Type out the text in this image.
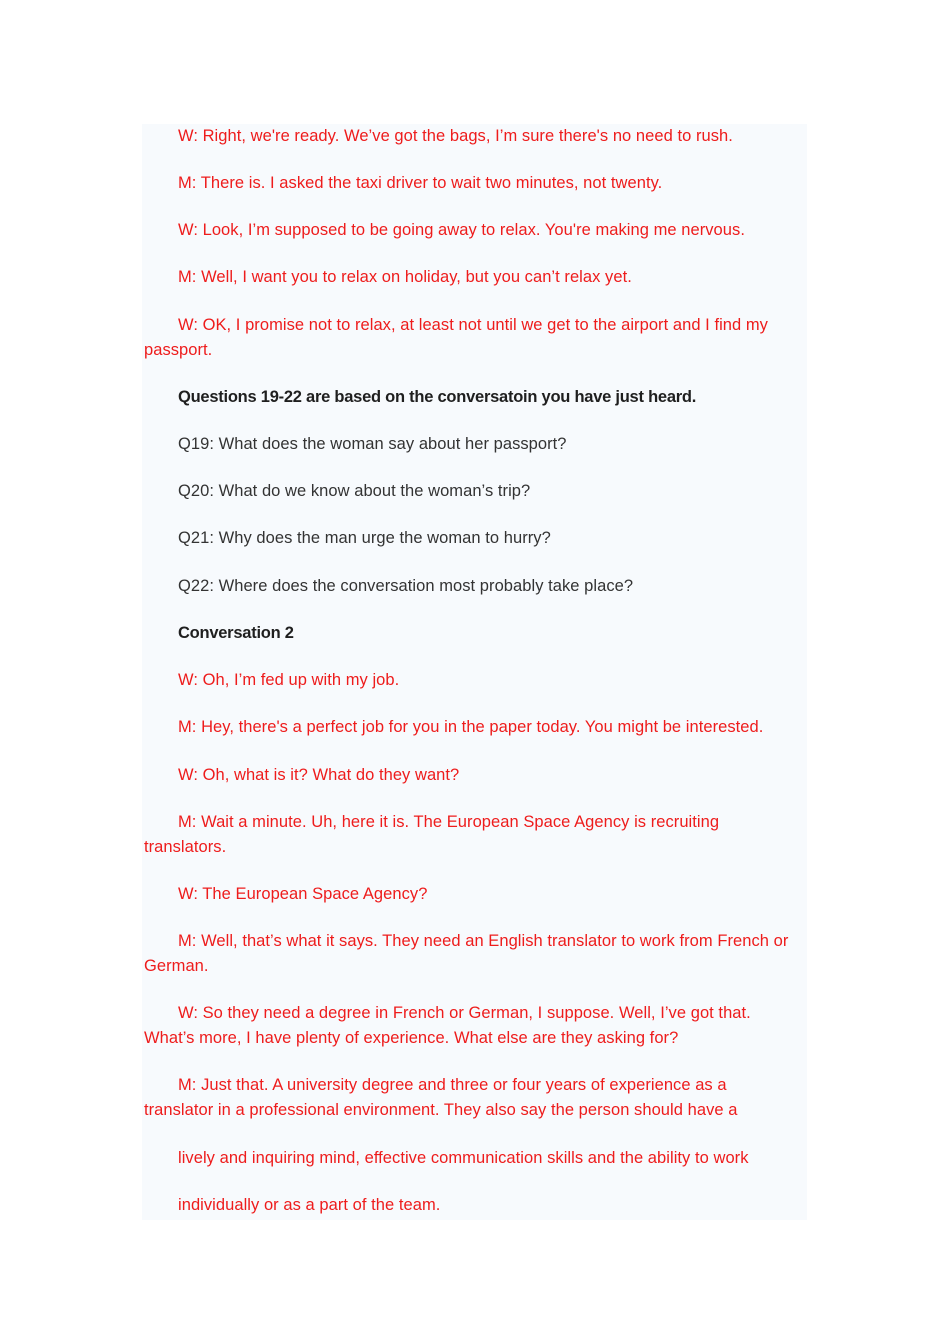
W: Right, we're ready. We’ve got the bags, I’m sure there's no need to rush.
M: There is. I asked the taxi driver to wait two minutes, not twenty.
W: Look, I’m supposed to be going away to relax. You're making me nervous.
M: Well, I want you to relax on holiday, but you can’t relax yet.
W: OK, I promise not to relax, at least not until we get to the airport and I find my
passport.
Questions 19-22 are based on the conversatoin you have just heard.
Q19: What does the woman say about her passport?
Q20: What do we know about the woman’s trip?
Q21: Why does the man urge the woman to hurry?
Q22: Where does the conversation most probably take place?
Conversation 2
W: Oh, I’m fed up with my job.
M: Hey, there's a perfect job for you in the paper today. You might be interested.
W: Oh, what is it? What do they want?
M: Wait a minute. Uh, here it is. The European Space Agency is recruiting
translators.
W: The European Space Agency?
M: Well, that’s what it says. They need an English translator to work from French or
German.
W: So they need a degree in French or German, I suppose. Well, I’ve got that.
What’s more, I have plenty of experience. What else are they asking for?
M: Just that. A university degree and three or four years of experience as a
translator in a professional environment. They also say the person should have a
lively and inquiring mind, effective communication skills and the ability to work
individually or as a part of the team.
